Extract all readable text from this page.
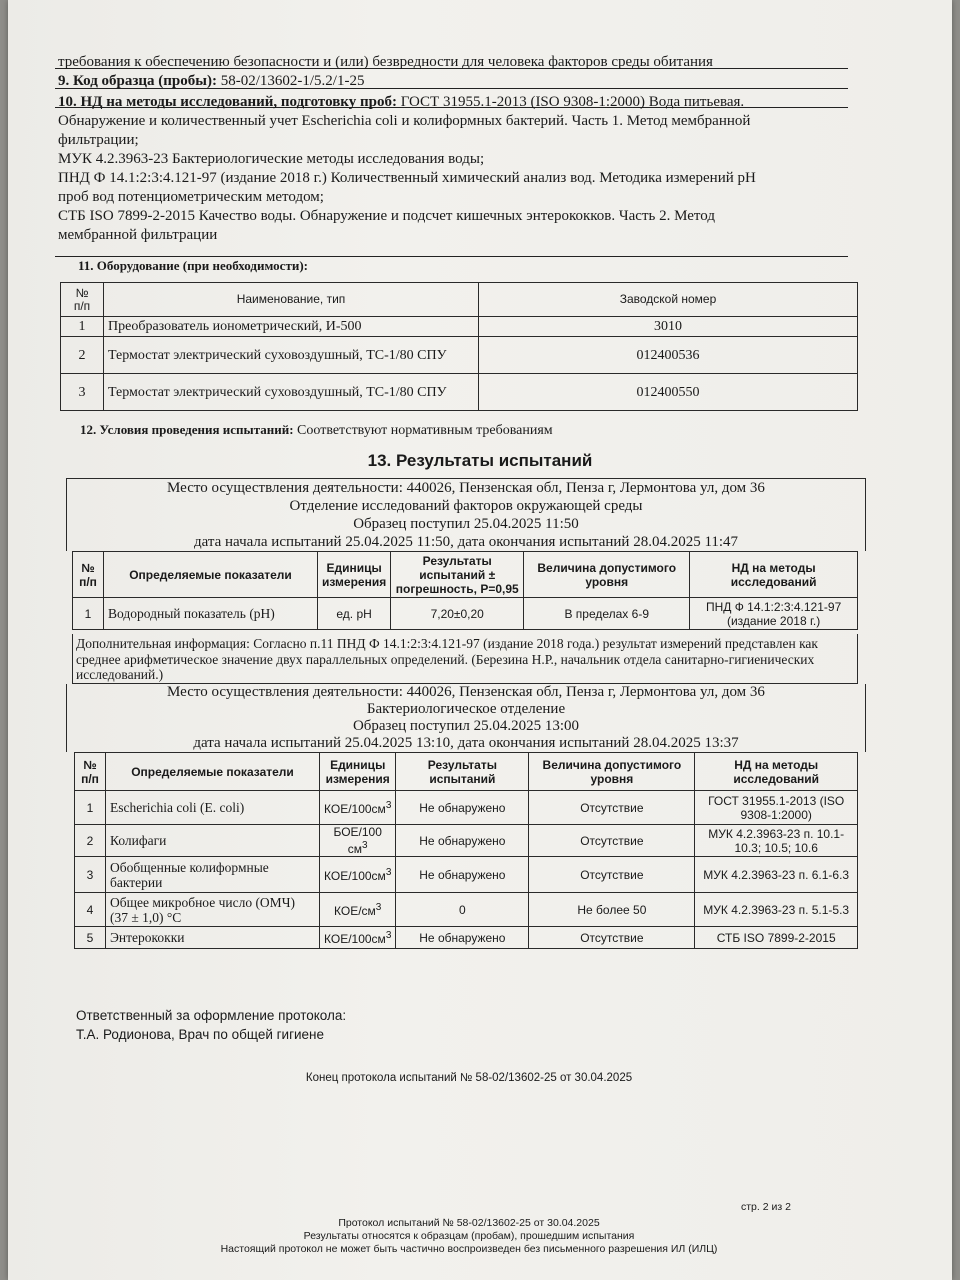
требования к обеспечению безопасности и (или) безвредности для человека факторов среды обитания
9. Код образца (пробы): 58-02/13602-1/5.2/1-25
10. НД на методы исследований, подготовку проб: ГОСТ 31955.1-2013 (ISO 9308-1:2000) Вода питьевая.
Обнаружение и количественный учет Escherichia coli и колиформных бактерий. Часть 1. Метод мембранной
фильтрации;
МУК 4.2.3963-23 Бактериологические методы исследования воды;
ПНД Ф 14.1:2:3:4.121-97 (издание 2018 г.) Количественный химический анализ вод. Методика измерений pH
проб вод потенциометрическим методом;
СТБ ISO 7899-2-2015 Качество воды. Обнаружение и подсчет кишечных энтерококков. Часть 2. Метод
мембранной фильтрации
11. Оборудование (при необходимости):
№
п/п	Наименование, тип	Заводской номер
1	Преобразователь ионометрический, И-500	3010
2	Термостат электрический суховоздушный, ТС-1/80 СПУ	012400536
3	Термостат электрический суховоздушный, ТС-1/80 СПУ	012400550
12. Условия проведения испытаний: Соответствуют нормативным требованиям
13. Результаты испытаний
Место осуществления деятельности: 440026, Пензенская обл, Пенза г, Лермонтова ул, дом 36
Отделение исследований факторов окружающей среды
Образец поступил 25.04.2025 11:50
дата начала испытаний 25.04.2025 11:50, дата окончания испытаний 28.04.2025 11:47
№
п/п	Определяемые показатели	Единицы измерения	Результаты испытаний ± погрешность, Р=0,95	Величина допустимого уровня	НД на методы исследований
1	Водородный показатель (pH)	ед. pH	7,20±0,20	В пределах 6-9	ПНД Ф 14.1:2:3:4.121-97 (издание 2018 г.)
Дополнительная информация: Согласно п.11 ПНД Ф 14.1:2:3:4.121-97 (издание 2018 года.) результат измерений представлен как среднее арифметическое значение двух параллельных определений. (Березина Н.Р., начальник отдела санитарно-гигиенических исследований.)
Место осуществления деятельности: 440026, Пензенская обл, Пенза г, Лермонтова ул, дом 36
Бактериологическое отделение
Образец поступил 25.04.2025 13:00
дата начала испытаний 25.04.2025 13:10, дата окончания испытаний 28.04.2025 13:37
№
п/п	Определяемые показатели	Единицы измерения	Результаты испытаний	Величина допустимого уровня	НД на методы исследований
1	Escherichia coli (E. coli)	КОЕ/$100см^3$	Не обнаружено	Отсутствие	ГОСТ 31955.1-2013 (ISO 9308-1:2000)
2	Колифаги	БОЕ/100 $см^3$	Не обнаружено	Отсутствие	МУК 4.2.3963-23 п. 10.1-10.3; 10.5; 10.6
3	Обобщенные колиформные бактерии	КОЕ/$100см^3$	Не обнаружено	Отсутствие	МУК 4.2.3963-23 п. 6.1-6.3
4	Общее микробное число (ОМЧ) (37 ± 1,0) °С	КОЕ/$см^3$	0	Не более 50	МУК 4.2.3963-23 п. 5.1-5.3
5	Энтерококки	КОЕ/$100см^3$	Не обнаружено	Отсутствие	СТБ ISO 7899-2-2015
Ответственный за оформление протокола:
Т.А. Родионова, Врач по общей гигиене
Конец протокола испытаний № 58-02/13602-25 от 30.04.2025
стр. 2 из 2
Протокол испытаний № 58-02/13602-25 от 30.04.2025
Результаты относятся к образцам (пробам), прошедшим испытания
Настоящий протокол не может быть частично воспроизведен без письменного разрешения ИЛ (ИЛЦ)
